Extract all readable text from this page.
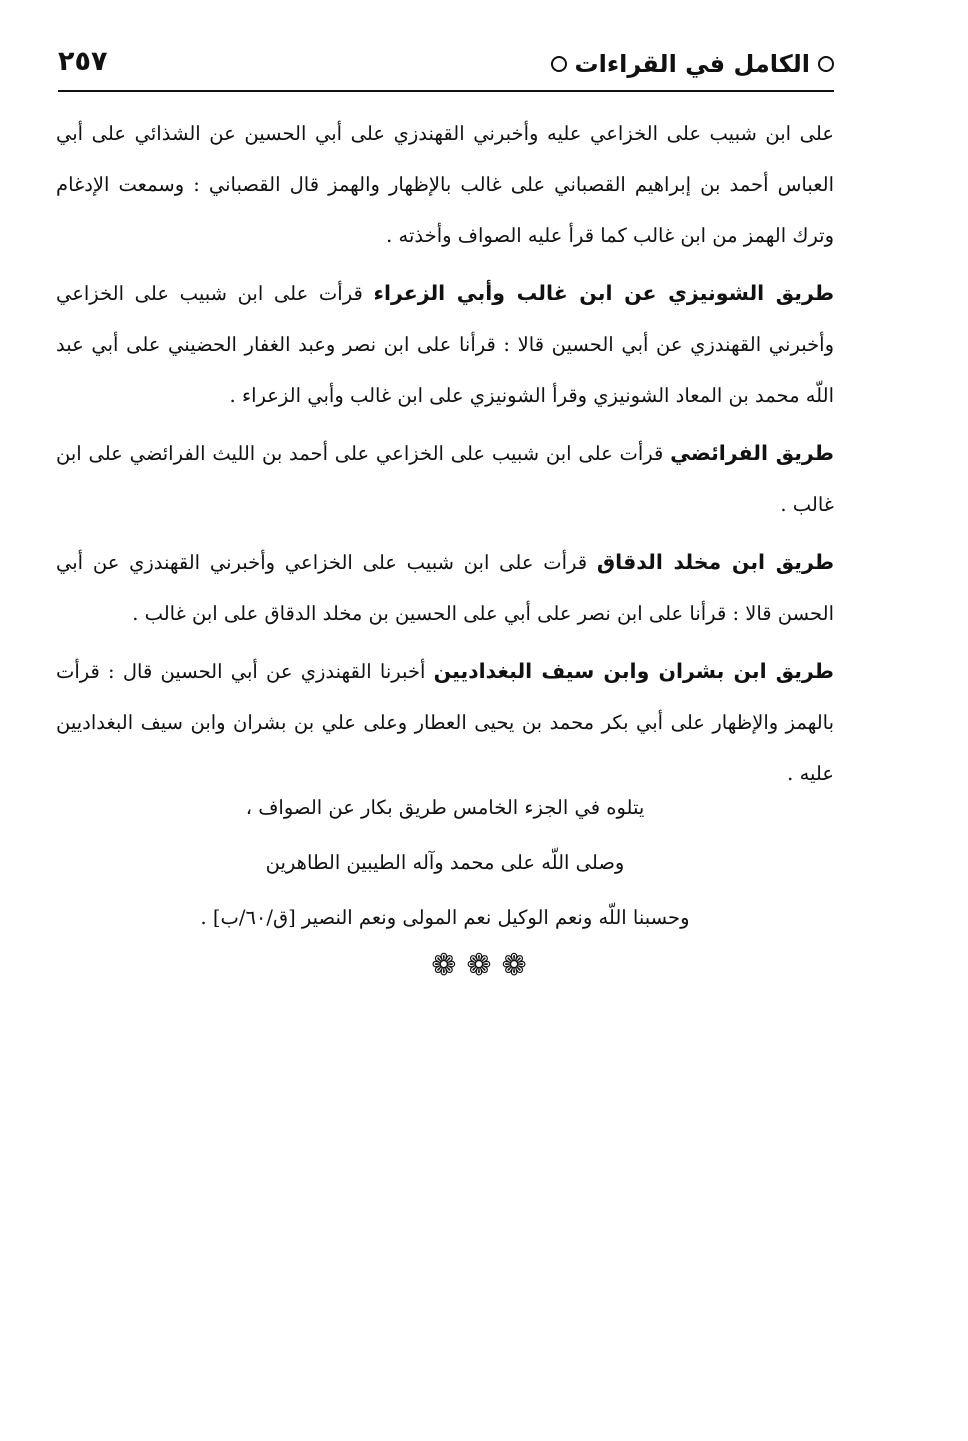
الكامل في القراءات
٢٥٧

على ابن شبيب على الخزاعي عليه وأخبرني القهندزي على أبي الحسين عن الشذائي على أبي العباس أحمد بن إبراهيم القصباني على غالب بالإظهار والهمز قال القصباني : وسمعت الإدغام وترك الهمز من ابن غالب كما قرأ عليه الصواف وأخذته .

طريق الشونيزي عن ابن غالب وأبي الزعراء قرأت على ابن شبيب على الخزاعي وأخبرني القهندزي عن أبي الحسين قالا : قرأنا على ابن نصر وعبد الغفار الحضيني على أبي عبد اللّه محمد بن المعاد الشونيزي وقرأ الشونيزي على ابن غالب وأبي الزعراء .

طريق الفرائضي قرأت على ابن شبيب على الخزاعي على أحمد بن الليث الفرائضي على ابن غالب .

طريق ابن مخلد الدقاق قرأت على ابن شبيب على الخزاعي وأخبرني القهندزي عن أبي الحسن قالا : قرأنا على ابن نصر على أبي على الحسين بن مخلد الدقاق على ابن غالب .

طريق ابن بشران وابن سيف البغداديين أخبرنا القهندزي عن أبي الحسين قال : قرأت بالهمز والإظهار على أبي بكر محمد بن يحيى العطار وعلى علي بن بشران وابن سيف البغداديين عليه .

يتلوه في الجزء الخامس طريق بكار عن الصواف ،

وصلى اللّه على محمد وآله الطيبين الطاهرين

وحسبنا اللّه ونعم الوكيل نعم المولى ونعم النصير [ق/٦٠/ب] .

❁❁❁
